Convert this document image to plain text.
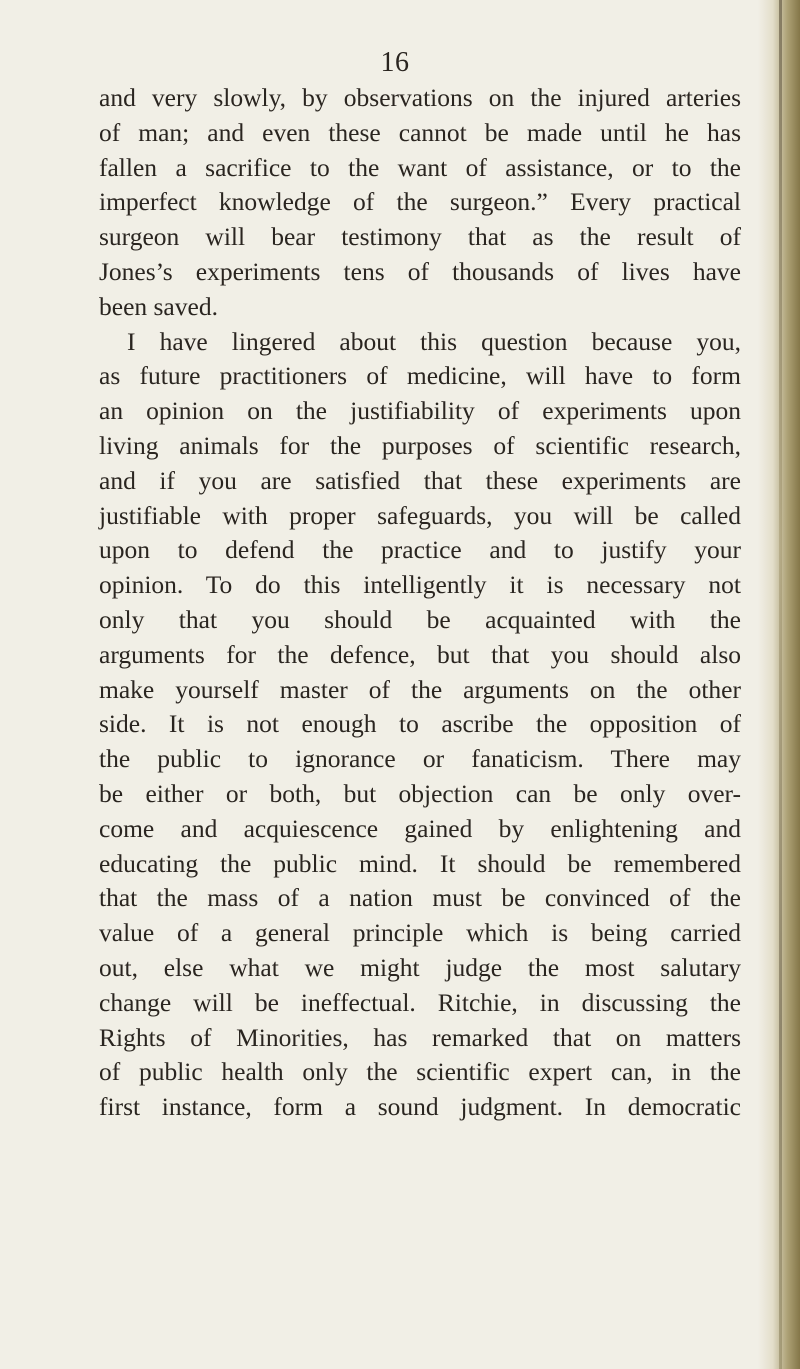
16
and very slowly, by observations on the injured arteries
of man; and even these cannot be made until he has
fallen a sacrifice to the want of assistance, or to the
imperfect knowledge of the surgeon.” Every practical
surgeon will bear testimony that as the result of
Jones’s experiments tens of thousands of lives have
been saved.
I have lingered about this question because you,
as future practitioners of medicine, will have to form
an opinion on the justifiability of experiments upon
living animals for the purposes of scientific research,
and if you are satisfied that these experiments are
justifiable with proper safeguards, you will be called
upon to defend the practice and to justify your
opinion. To do this intelligently it is necessary not
only that you should be acquainted with the
arguments for the defence, but that you should also
make yourself master of the arguments on the other
side. It is not enough to ascribe the opposition of
the public to ignorance or fanaticism. There may
be either or both, but objection can be only over-
come and acquiescence gained by enlightening and
educating the public mind. It should be remembered
that the mass of a nation must be convinced of the
value of a general principle which is being carried
out, else what we might judge the most salutary
change will be ineffectual. Ritchie, in discussing the
Rights of Minorities, has remarked that on matters
of public health only the scientific expert can, in the
first instance, form a sound judgment. In democratic
